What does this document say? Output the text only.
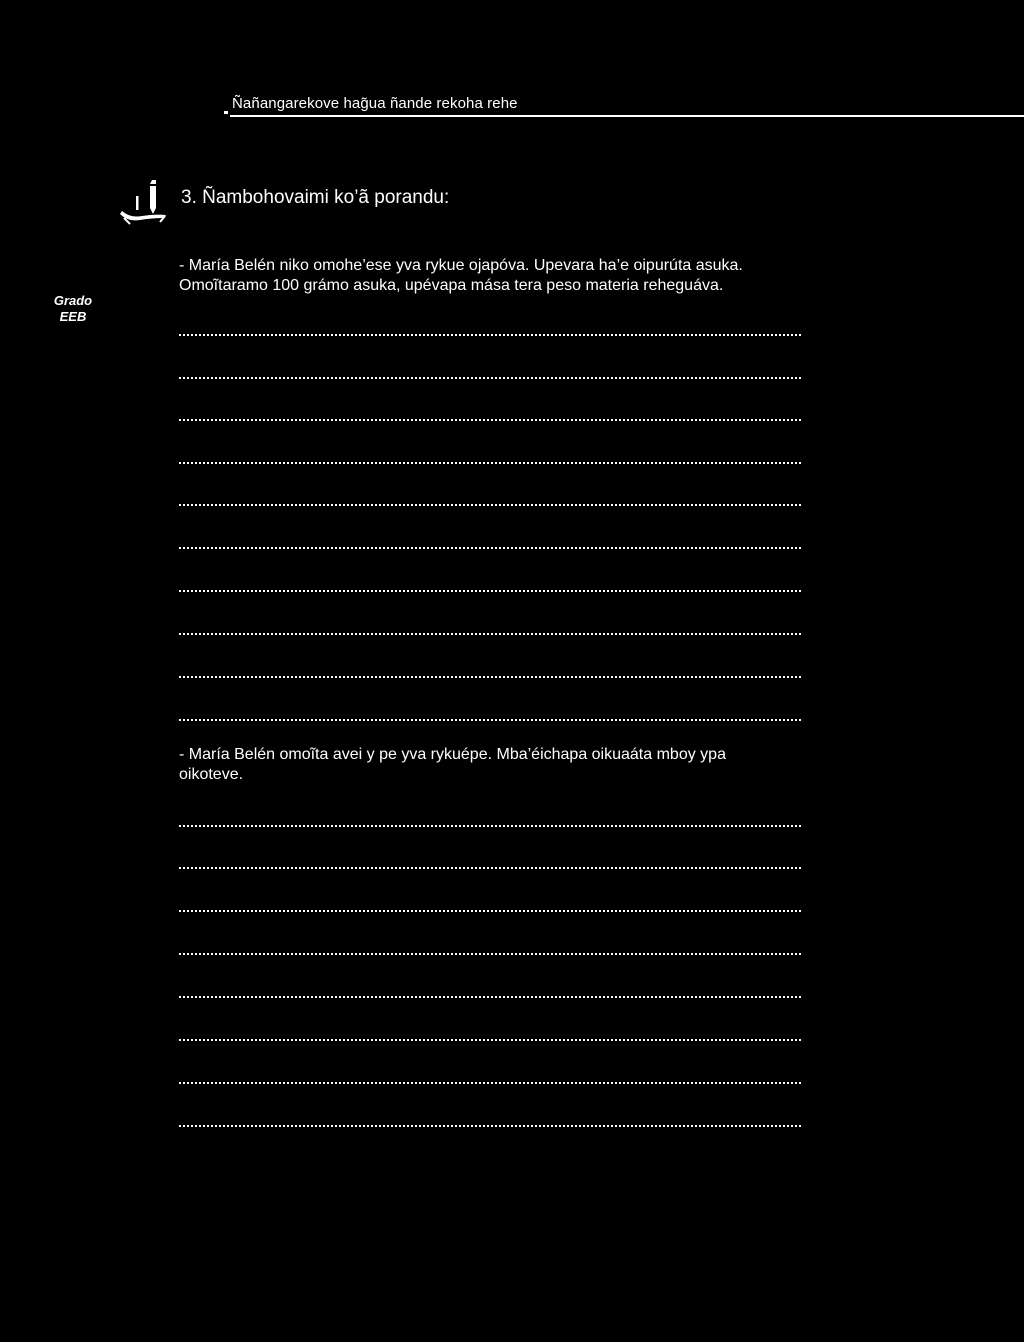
Ñañangarekove hag̃ua ñande rekoha rehe
3. Ñambohovaimi ko’ã porandu:
Grado
EEB
- María Belén niko omohe’ese yva rykue ojapóva. Upevara ha’e oipurúta asuka.
Omoĩtaramo 100 grámo asuka, upévapa mása tera peso materia reheguáva.
- María Belén omoĩta avei y pe yva rykuépe. Mba’éichapa oikuaáta mboy ypa
oikoteve.
